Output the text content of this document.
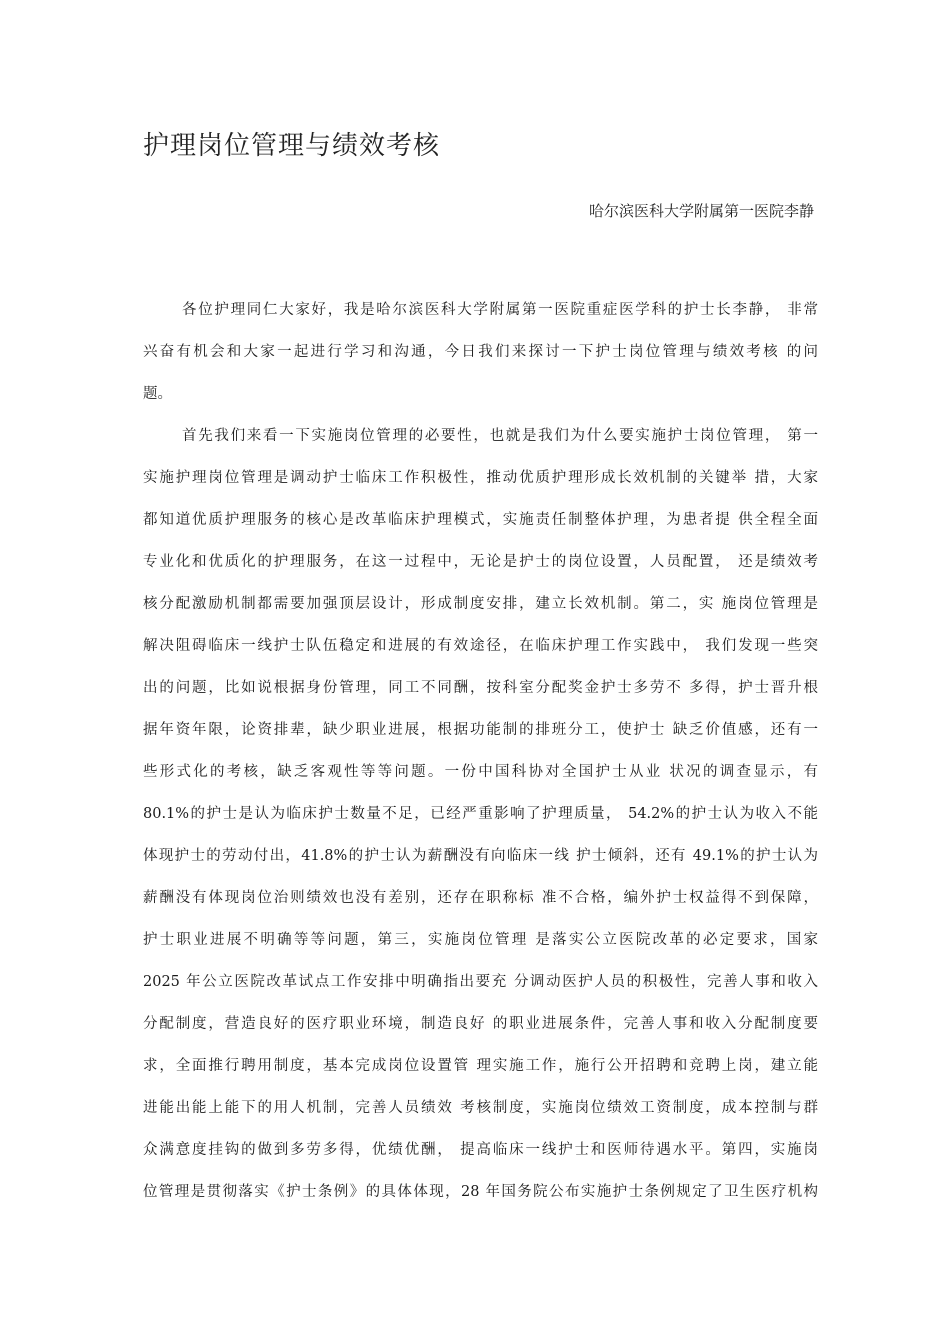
护理岗位管理与绩效考核
哈尔滨医科大学附属第一医院李静
各位护理同仁大家好，我是哈尔滨医科大学附属第一医院重症医学科的护士长李静， 非常
兴奋有机会和大家一起进行学习和沟通，今日我们来探讨一下护士岗位管理与绩效考核 的问
题。
首先我们来看一下实施岗位管理的必要性，也就是我们为什么要实施护士岗位管理， 第一
实施护理岗位管理是调动护士临床工作积极性，推动优质护理形成长效机制的关键举 措，大家
都知道优质护理服务的核心是改革临床护理模式，实施责任制整体护理，为患者提 供全程全面
专业化和优质化的护理服务，在这一过程中，无论是护士的岗位设置，人员配置， 还是绩效考
核分配激励机制都需要加强顶层设计，形成制度安排，建立长效机制。第二，实 施岗位管理是
解决阻碍临床一线护士队伍稳定和进展的有效途径，在临床护理工作实践中， 我们发现一些突
出的问题，比如说根据身份管理，同工不同酬，按科室分配奖金护士多劳不 多得，护士晋升根
据年资年限，论资排辈，缺少职业进展，根据功能制的排班分工，使护士 缺乏价值感，还有一
些形式化的考核，缺乏客观性等等问题。一份中国科协对全国护士从业 状况的调查显示，有
80.1%的护士是认为临床护士数量不足，已经严重影响了护理质量， 54.2%的护士认为收入不能
体现护士的劳动付出，41.8%的护士认为薪酬没有向临床一线 护士倾斜，还有 49.1%的护士认为
薪酬没有体现岗位治则绩效也没有差别，还存在职称标 准不合格，编外护士权益得不到保障，
护士职业进展不明确等等问题，第三，实施岗位管理 是落实公立医院改革的必定要求，国家
2025 年公立医院改革试点工作安排中明确指出要充 分调动医护人员的积极性，完善人事和收入
分配制度，营造良好的医疗职业环境，制造良好 的职业进展条件，完善人事和收入分配制度要
求，全面推行聘用制度，基本完成岗位设置管 理实施工作，施行公开招聘和竞聘上岗，建立能
进能出能上能下的用人机制，完善人员绩效 考核制度，实施岗位绩效工资制度，成本控制与群
众满意度挂钩的做到多劳多得，优绩优酬， 提高临床一线护士和医师待遇水平。第四，实施岗
位管理是贯彻落实《护士条例》的具体体现，28 年国务院公布实施护士条例规定了卫生医疗机构
